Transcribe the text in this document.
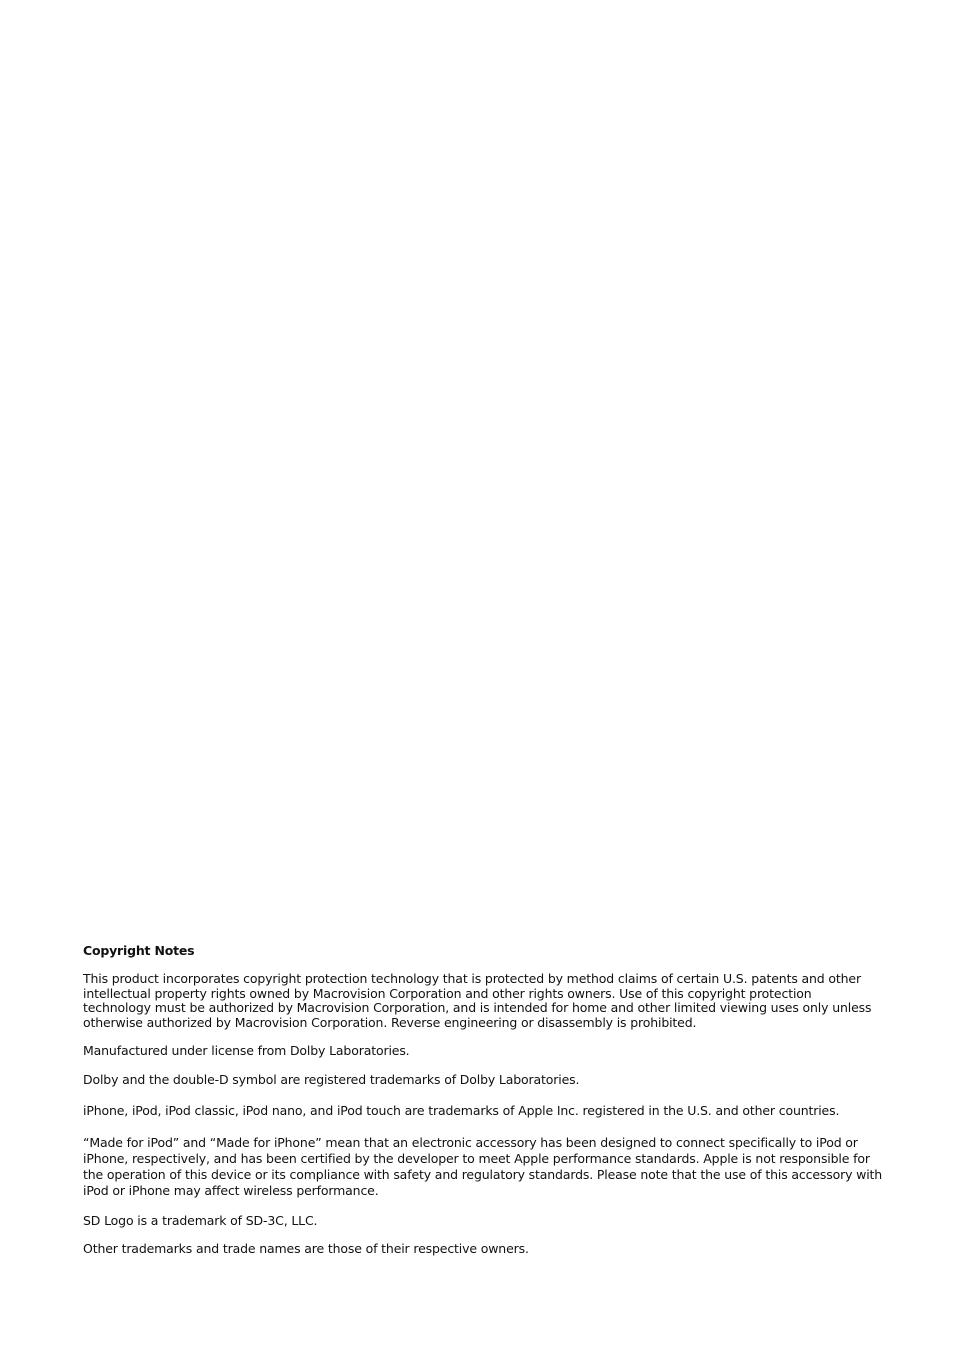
Copyright Notes

This product incorporates copyright protection technology that is protected by method claims of certain U.S. patents and other intellectual property rights owned by Macrovision Corporation and other rights owners. Use of this copyright protection technology must be authorized by Macrovision Corporation, and is intended for home and other limited viewing uses only unless otherwise authorized by Macrovision Corporation. Reverse engineering or disassembly is prohibited.

Manufactured under license from Dolby Laboratories.

Dolby and the double-D symbol are registered trademarks of Dolby Laboratories.

iPhone, iPod, iPod classic, iPod nano, and iPod touch are trademarks of Apple Inc. registered in the U.S. and other countries.

“Made for iPod” and “Made for iPhone” mean that an electronic accessory has been designed to connect specifically to iPod or iPhone, respectively, and has been certified by the developer to meet Apple performance standards. Apple is not responsible for the operation of this device or its compliance with safety and regulatory standards. Please note that the use of this accessory with iPod or iPhone may affect wireless performance.

SD Logo is a trademark of SD-3C, LLC.

Other trademarks and trade names are those of their respective owners.
